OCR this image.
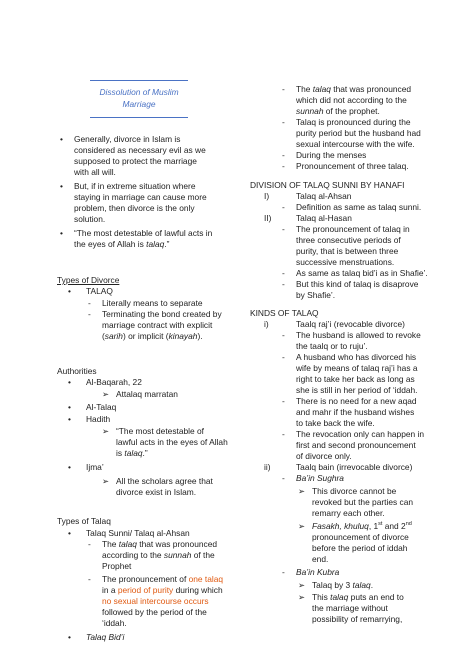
Dissolution of Muslim
Marriage
• Generally, divorce in Islam is
considered as necessary evil as we
supposed to protect the marriage
with all will.
• But, if in extreme situation where
staying in marriage can cause more
problem, then divorce is the only
solution.
• “The most detestable of lawful acts in
the eyes of Allah is talaq.”
Types of Divorce
• TALAQ
- Literally means to separate
- Terminating the bond created by
marriage contract with explicit
(sarih) or implicit (kinayah).
Authorities
• Al-Baqarah, 22
➢ Attalaq marratan
• Al-Talaq
• Hadith
➢ “The most detestable of
lawful acts in the eyes of Allah
is talaq.”
• Ijma’
➢ All the scholars agree that
divorce exist in Islam.
Types of Talaq
• Talaq Sunni/ Talaq al-Ahsan
- The talaq that was pronounced
according to the sunnah of the
Prophet
- The pronouncement of one talaq
in a period of purity during which
no sexual intercourse occurs
followed by the period of the
‘iddah.
• Talaq Bid’i
- The talaq that was pronounced
which did not according to the
sunnah of the prophet.
- Talaq is pronounced during the
purity period but the husband had
sexual intercourse with the wife.
- During the menses
- Pronouncement of three talaq.
DIVISION OF TALAQ SUNNI BY HANAFI
I)	Talaq al-Ahsan
- Definition as same as talaq sunni.
II)	Talaq al-Hasan
- The pronouncement of talaq in
three consecutive periods of
purity, that is between three
successive menstruations.
- As same as talaq bid’i as in Shafie’.
- But this kind of talaq is disaprove
by Shafie’.
KINDS OF TALAQ
i)	Taalq raj’i (revocable divorce)
- The husband is allowed to revoke
the taalq or to ruju’.
- A husband who has divorced his
wife by means of talaq raj’i has a
right to take her back as long as
she is still in her period of ‘iddah.
- There is no need for a new aqad
and mahr if the husband wishes
to take back the wife.
- The revocation only can happen in
first and second pronouncement
of divorce only.
ii)	Taalq bain (irrevocable divorce)
- Ba’in Sughra
➢ This divorce cannot be
revoked but the parties can
remarry each other.
➢ Fasakh, khuluq, 1st and 2nd
pronouncement of divorce
before the period of iddah
end.
- Ba’in Kubra
➢ Talaq by 3 talaq.
➢ This talaq puts an end to
the marriage without
possibility of remarrying,
